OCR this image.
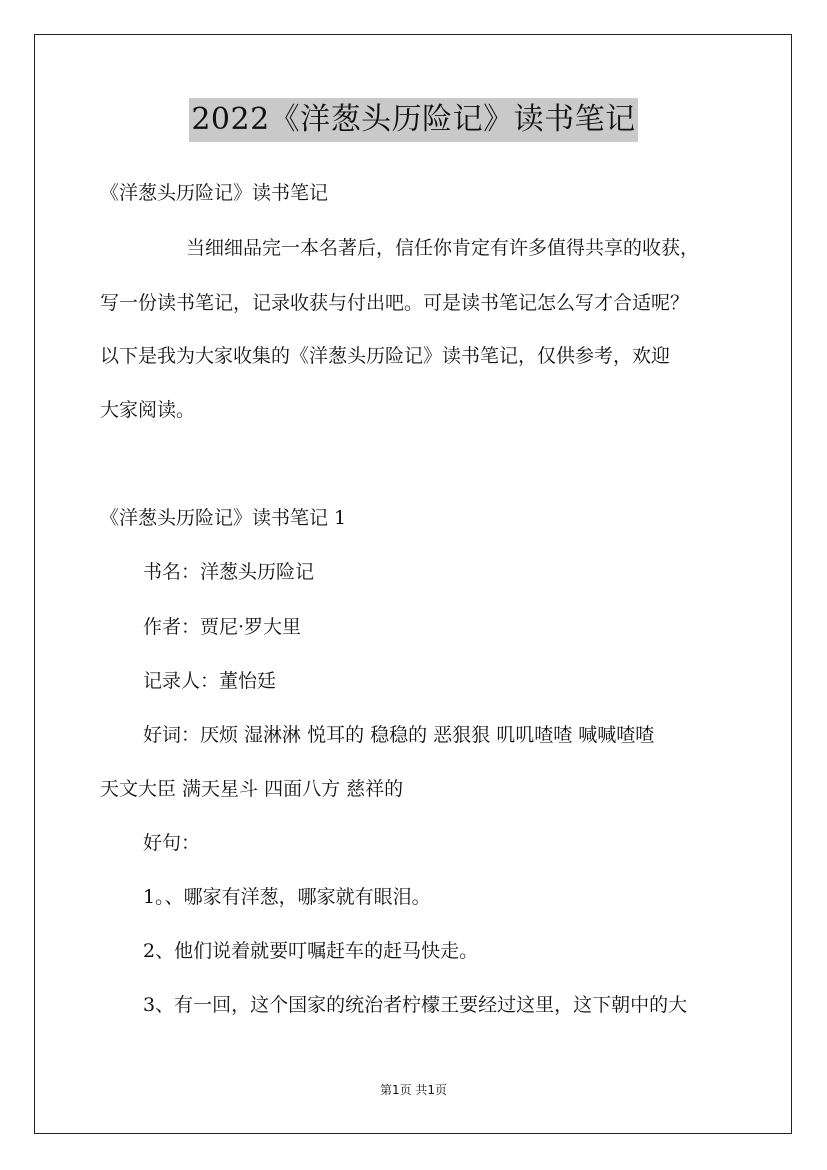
2022《洋葱头历险记》读书笔记
《洋葱头历险记》读书笔记
当细细品完一本名著后，信任你肯定有许多值得共享的收获，
写一份读书笔记，记录收获与付出吧。可是读书笔记怎么写才合适呢？
以下是我为大家收集的《洋葱头历险记》读书笔记，仅供参考，欢迎
大家阅读。
《洋葱头历险记》读书笔记 1
书名：洋葱头历险记
作者：贾尼·罗大里
记录人：董怡廷
好词：厌烦 湿淋淋 悦耳的 稳稳的 恶狠狠 叽叽喳喳 喊喊喳喳
天文大臣 满天星斗 四面八方 慈祥的
好句：
1。、哪家有洋葱，哪家就有眼泪。
2、他们说着就要叮嘱赶车的赶马快走。
3、有一回，这个国家的统治者柠檬王要经过这里，这下朝中的大
第1页 共1页
